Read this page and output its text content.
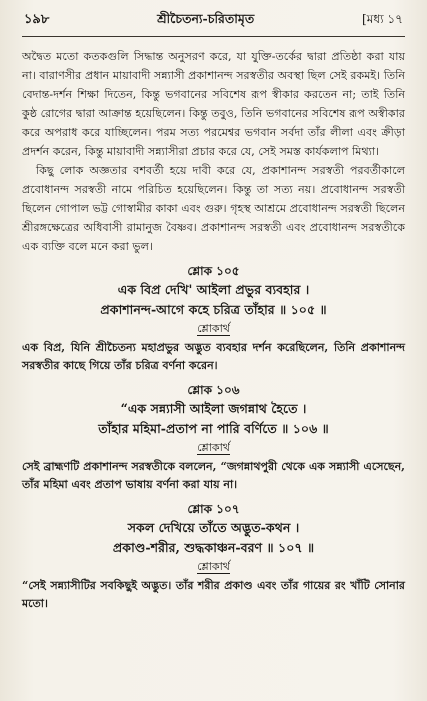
১৯৮	শ্রীচৈতন্য-চরিতামৃত	[মধ্য ১৭

অদ্বৈত মতো কতকগুলি সিদ্ধান্ত অনুসরণ করে, যা যুক্তি-তর্কের দ্বারা প্রতিষ্ঠা করা যায় না। বারাণসীর প্রধান মায়াবাদী সন্ন্যাসী প্রকাশানন্দ সরস্বতীর অবস্থা ছিল সেই রকমই। তিনি বেদান্ত-দর্শন শিক্ষা দিতেন, কিন্তু ভগবানের সবিশেষ রূপ স্বীকার করতেন না; তাই তিনি কুষ্ঠ রোগের দ্বারা আক্রান্ত হয়েছিলেন। কিন্তু তবুও, তিনি ভগবানের সবিশেষ রূপ অস্বীকার করে অপরাধ করে যাচ্ছিলেন। পরম সত্য পরমেশ্বর ভগবান সর্বদা তাঁর লীলা এবং ক্রীড়া প্রদর্শন করেন, কিন্তু মায়াবাদী সন্ন্যাসীরা প্রচার করে যে, সেই সমস্ত কার্যকলাপ মিথ্যা।

কিছু লোক অজ্ঞতার বশবর্তী হয়ে দাবী করে যে, প্রকাশানন্দ সরস্বতী পরবর্তীকালে প্রবোধানন্দ সরস্বতী নামে পরিচিত হয়েছিলেন। কিন্তু তা সত্য নয়। প্রবোধানন্দ সরস্বতী ছিলেন গোপাল ভট্ট গোস্বামীর কাকা এবং গুরু। গৃহস্থ আশ্রমে প্রবোধানন্দ সরস্বতী ছিলেন শ্রীরঙ্গক্ষেত্রের অধিবাসী রামানুজ বৈষ্ণব। প্রকাশানন্দ সরস্বতী এবং প্রবোধানন্দ সরস্বতীকে এক ব্যক্তি বলে মনে করা ভুল।

শ্লোক ১০৫
এক বিপ্র দেখি' আইলা প্রভুর ব্যবহার ।
প্রকাশানন্দ-আগে কহে চরিত্র তাঁহার ॥ ১০৫ ॥
শ্লোকার্থ

এক বিপ্র, যিনি শ্রীচৈতন্য মহাপ্রভুর অদ্ভুত ব্যবহার দর্শন করেছিলেন, তিনি প্রকাশানন্দ সরস্বতীর কাছে গিয়ে তাঁর চরিত্র বর্ণনা করেন।

শ্লোক ১০৬
“এক সন্ন্যাসী আইলা জগন্নাথ হৈতে ।
তাঁহার মহিমা-প্রতাপ না পারি বর্ণিতে ॥ ১০৬ ॥
শ্লোকার্থ

সেই ব্রাহ্মণটি প্রকাশানন্দ সরস্বতীকে বললেন, “জগন্নাথপুরী থেকে এক সন্ন্যাসী এসেছেন, তাঁর মহিমা এবং প্রতাপ ভাষায় বর্ণনা করা যায় না।

শ্লোক ১০৭
সকল দেখিয়ে তাঁতে অদ্ভুত-কথন ।
প্রকাণ্ড-শরীর, শুদ্ধকাঞ্চন-বরণ ॥ ১০৭ ॥
শ্লোকার্থ

“সেই সন্ন্যাসীটির সবকিছুই অদ্ভুত। তাঁর শরীর প্রকাণ্ড এবং তাঁর গায়ের রং খাঁটি সোনার মতো।
